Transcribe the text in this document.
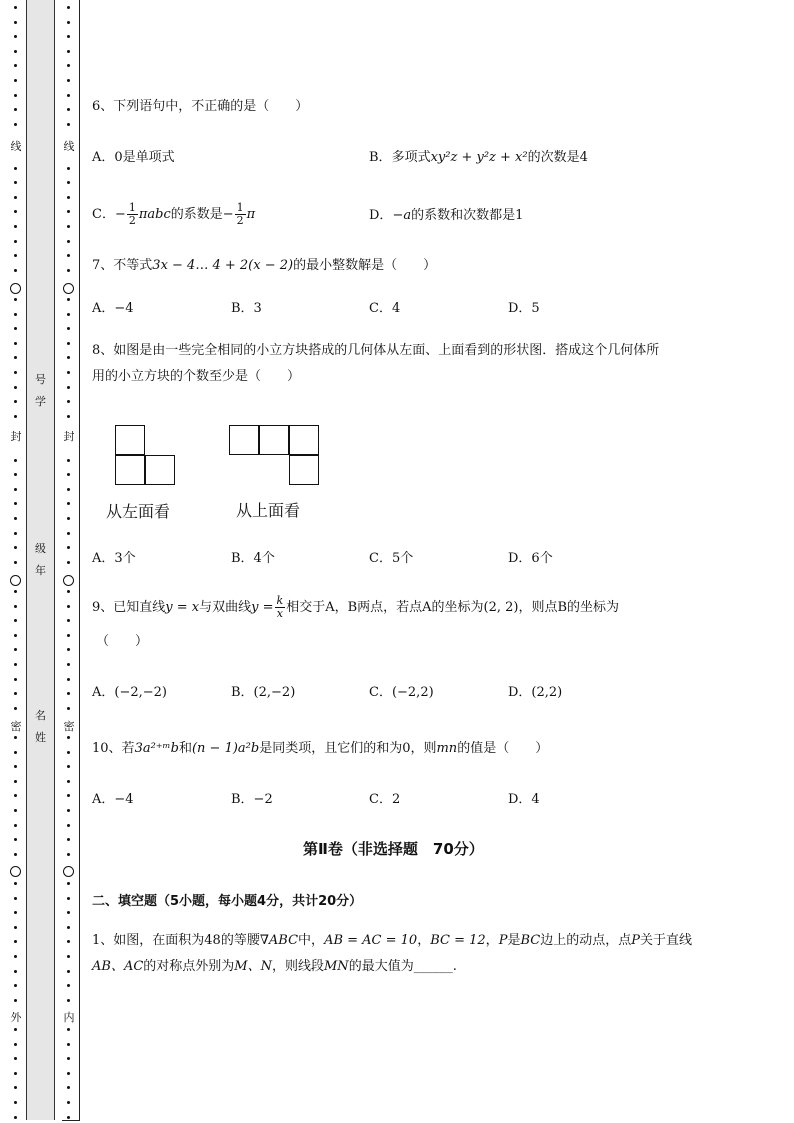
线
封
密
外
号
学
级
年
名
姓
线
封
密
内
6、下列语句中，不正确的是（　　）
A．0是单项式	B．多项式xy²z + y²z + x²的次数是4
C．− $\frac{1}{2}$ πabc的系数是− $\frac{1}{2}$ π	D．−a的系数和次数都是1
7、不等式3x − 4… 4 + 2(x − 2)的最小整数解是（　　）
A．−4	B．3	C．4	D．5
8、如图是由一些完全相同的小立方块搭成的几何体从左面、上面看到的形状图．搭成这个几何体所
用的小立方块的个数至少是（　　）
从左面看	从上面看
A．3个	B．4个	C．5个	D．6个
9、已知直线y = x与双曲线$y = \frac{k}{x}$ 相交于A，B两点，若点A的坐标为(2, 2)，则点B的坐标为
（　　）
A．(−2,−2)	B．(2,−2)	C．(−2,2)	D．(2,2)
10、若3a²⁺ᵐb和(n − 1)a²b是同类项，且它们的和为0，则mn的值是（　　）
A．−4	B．−2	C．2	D．4
第Ⅱ卷（非选择题　70分）
二、填空题（5小题，每小题4分，共计20分）
1、如图，在面积为48的等腰∇ABC中，AB = AC = 10，BC = 12，P是BC边上的动点，点P关于直线
AB、AC的对称点外别为M、N，则线段MN的最大值为______.
